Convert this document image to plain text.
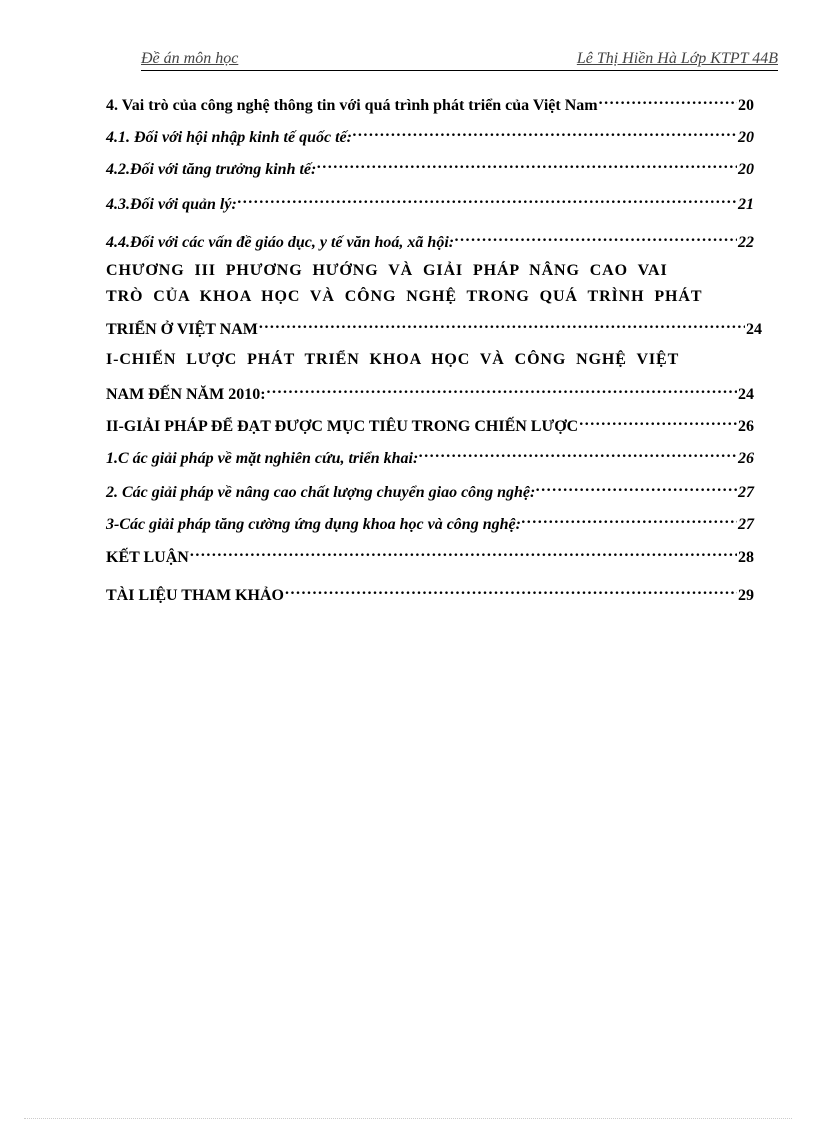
Đề án môn học	Lê Thị Hiền Hà Lớp KTPT 44B
4. Vai trò của công nghệ thông tin với quá trình phát triển của Việt Nam .....	20
4.1. Đối với hội nhập kinh tế quốc tế: .....	20
4.2.Đối với tăng trưởng kinh tế: .....	20
4.3.Đối với quản lý: .....	21
4.4.Đối với các vấn đề giáo dục, y tế văn hoá, xã hội: .....	22
CHƯƠNG III PHƯƠNG HƯỚNG VÀ GIẢI PHÁP NÂNG CAO VAI
TRÒ CỦA KHOA HỌC VÀ CÔNG NGHỆ TRONG QUÁ TRÌNH PHÁT
TRIỂN Ở VIỆT NAM .....	24
I-CHIẾN LƯỢC PHÁT TRIỂN KHOA HỌC VÀ CÔNG NGHỆ VIỆT
NAM ĐẾN NĂM 2010: .....	24
II-GIẢI PHÁP ĐỂ ĐẠT ĐƯỢC MỤC TIÊU TRONG CHIẾN LƯỢC .....	26
1.C ác giải pháp về mặt nghiên cứu, triển khai: .....	26
2. Các giải pháp về nâng cao chất lượng chuyển giao công nghệ: .....	27
3-Các giải pháp tăng cường ứng dụng khoa học và công nghệ: .....	27
KẾT LUẬN .....	28
TÀI LIỆU THAM KHẢO .....	29
